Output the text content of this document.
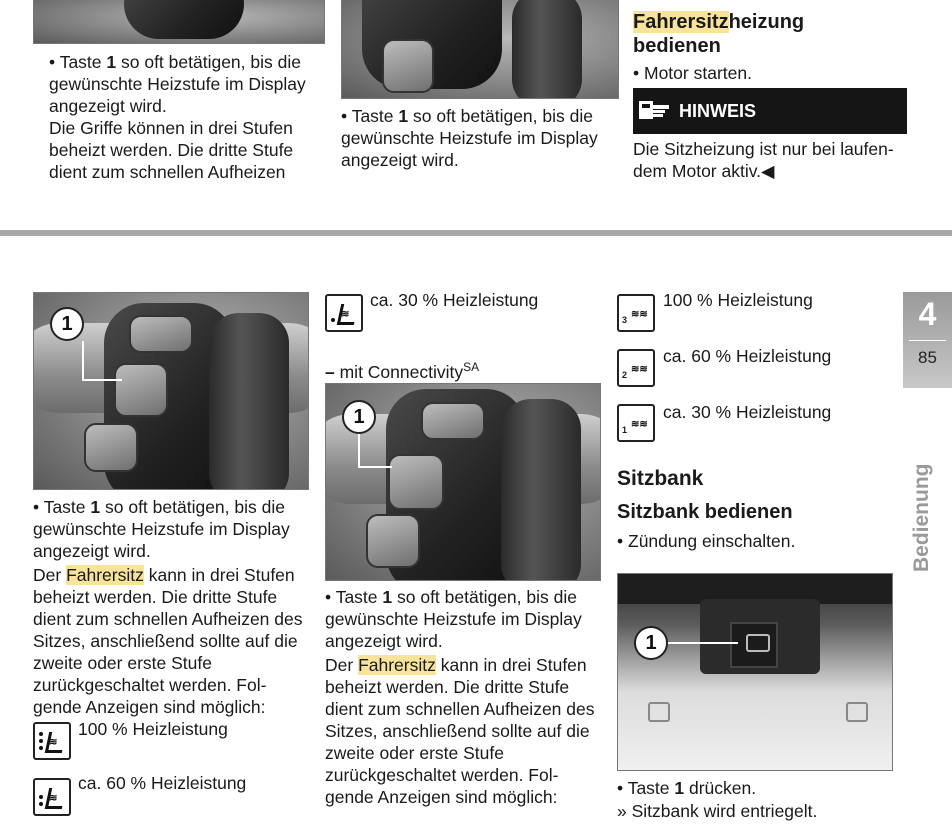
• Taste 1 so oft betätigen, bis die gewünschte Heizstufe im Display angezeigt wird.
Die Griffe können in drei Stufen beheizt werden. Die dritte Stufe dient zum schnellen Aufheizen
• Taste 1 so oft betätigen, bis die gewünschte Heizstufe im Display angezeigt wird.
Fahrersitzheizung
bedienen
• Motor starten.
HINWEIS
Die Sitzheizung ist nur bei laufen-dem Motor aktiv.◀
1
• Taste 1 so oft betätigen, bis die gewünschte Heizstufe im Display angezeigt wird.
Der Fahrersitz kann in drei Stufen beheizt werden. Die dritte Stufe dient zum schnellen Aufheizen des Sitzes, anschließend sollte auf die zweite oder erste Stufe zurückgeschaltet werden. Fol-gende Anzeigen sind möglich:
≋
100 % Heizleistung
≋
ca. 60 % Heizleistung
≋
ca. 30 % Heizleistung
– mit Connectivity$^{SA}$
1
• Taste 1 so oft betätigen, bis die gewünschte Heizstufe im Display angezeigt wird.
Der Fahrersitz kann in drei Stufen beheizt werden. Die dritte Stufe dient zum schnellen Aufheizen des Sitzes, anschließend sollte auf die zweite oder erste Stufe zurückgeschaltet werden. Fol-gende Anzeigen sind möglich:
3 ≋≋
100 % Heizleistung
2 ≋≋
ca. 60 % Heizleistung
1 ≋≋
ca. 30 % Heizleistung
Sitzbank
Sitzbank bedienen
• Zündung einschalten.
1
• Taste 1 drücken.
» Sitzbank wird entriegelt.
4
85
Bedienung
